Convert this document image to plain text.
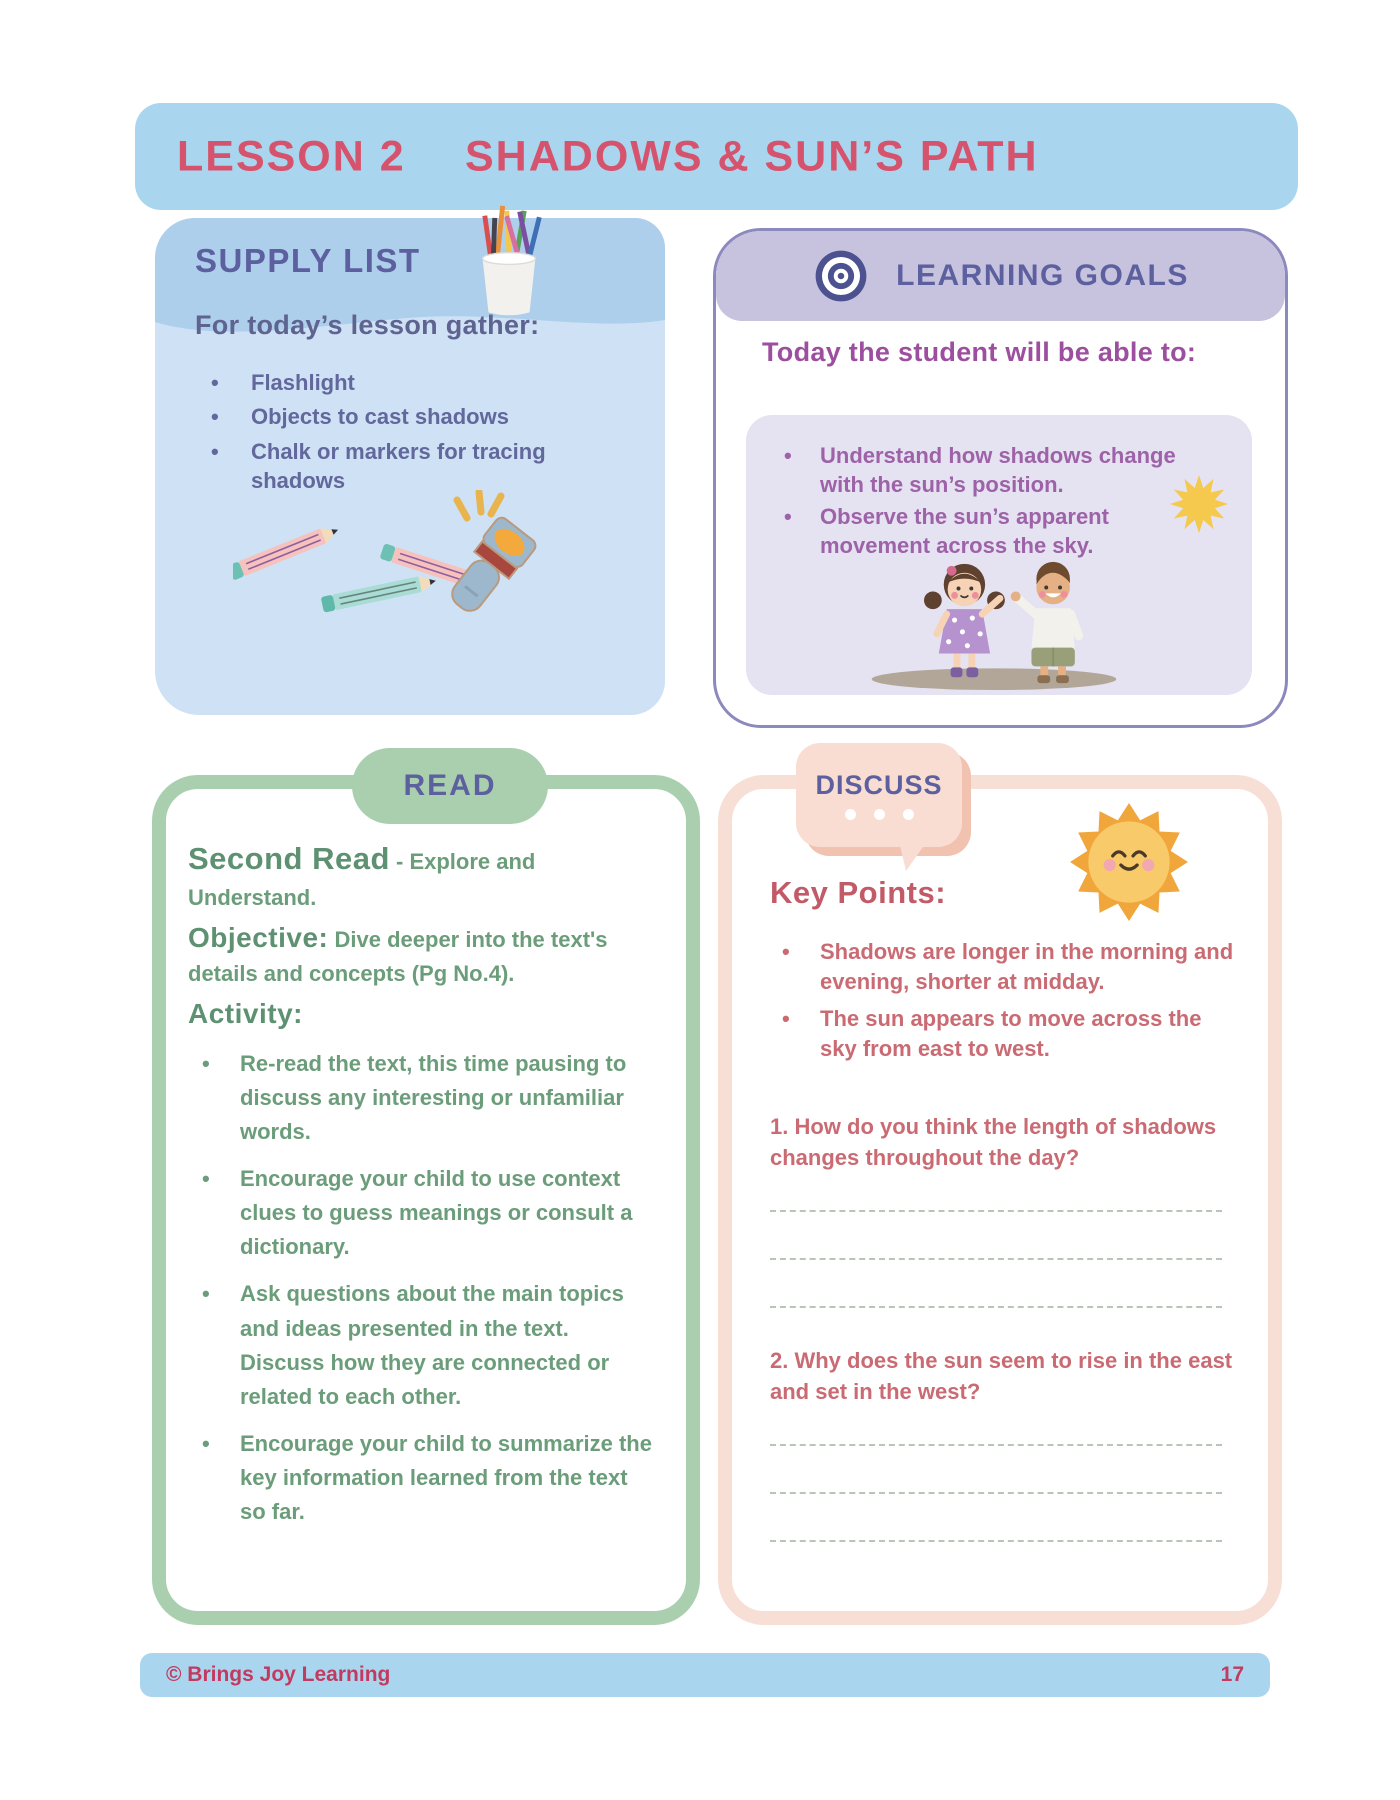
LESSON 2 SHADOWS & SUN’S PATH
SUPPLY LIST

For today’s lesson gather:

• Flashlight
• Objects to cast shadows
• Chalk or markers for tracing shadows
LEARNING GOALS

Today the student will be able to:

• Understand how shadows change with the sun’s position.
• Observe the sun’s apparent movement across the sky.
READ

Second Read - Explore and Understand.

Objective: Dive deeper into the text's details and concepts (Pg No.4).

Activity:

• Re-read the text, this time pausing to discuss any interesting or unfamiliar words.
• Encourage your child to use context clues to guess meanings or consult a dictionary.
• Ask questions about the main topics and ideas presented in the text. Discuss how they are connected or related to each other.
• Encourage your child to summarize the key information learned from the text so far.
DISCUSS
Key Points:
• Shadows are longer in the morning and evening, shorter at midday.
• The sun appears to move across the sky from east to west.

1. How do you think the length of shadows changes throughout the day?

2. Why does the sun seem to rise in the east and set in the west?

© Brings Joy Learning	17
